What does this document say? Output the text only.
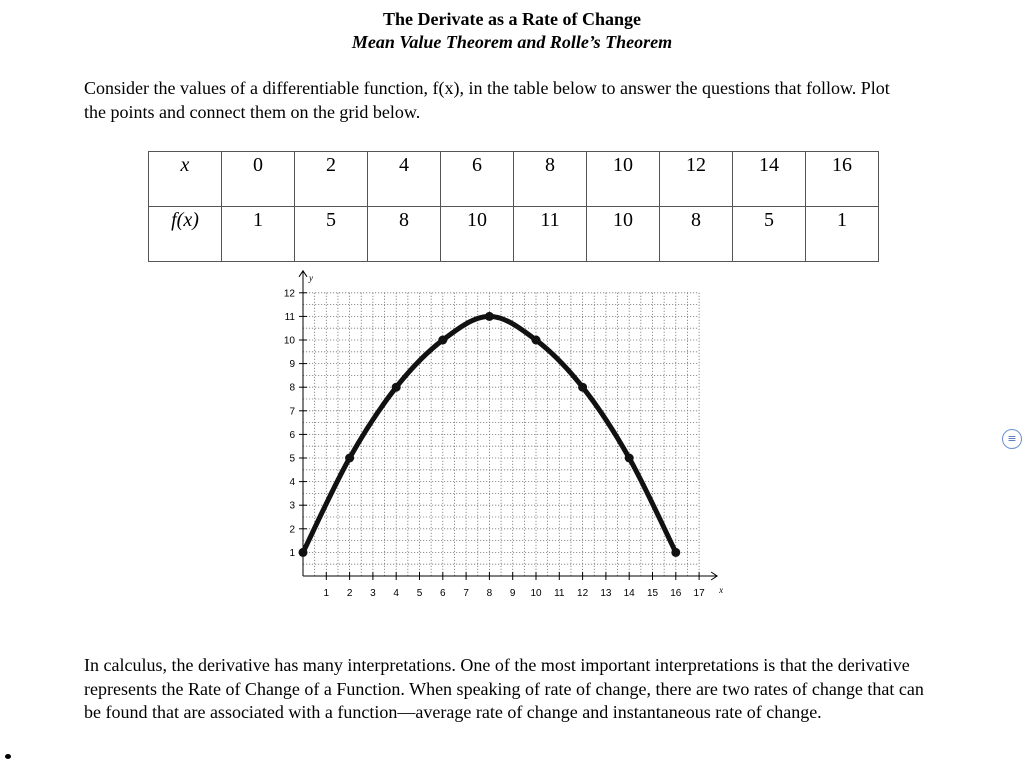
The Derivate as a Rate of Change
Mean Value Theorem and Rolle’s Theorem
Consider the values of a differentiable function, f(x), in the table below to answer the questions that follow. Plot the points and connect them on the grid below.
x	0	2	4	6	8	10	12	14	16
f(x)	1	5	8	10	11	10	8	5	1
1 2 3 4 5 6 7 8 9 10 11 12 13 14 15 16 17
1
2
3
4
5
6
7
8
9
10
11
12
x
y
In calculus, the derivative has many interpretations. One of the most important interpretations is that the derivative represents the Rate of Change of a Function. When speaking of rate of change, there are two rates of change that can be found that are associated with a function—average rate of change and instantaneous rate of change.
≡
